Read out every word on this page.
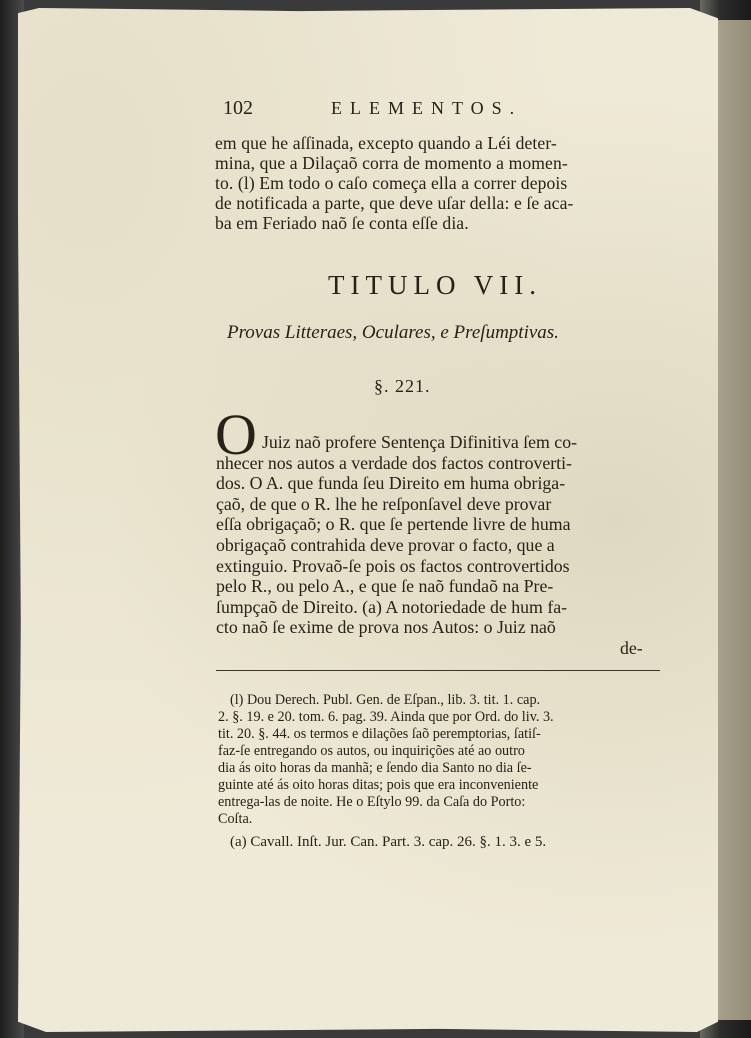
102	ELEMENTOS.
em que he aſſinada, excepto quando a Léi deter-
mina, que a Dilaçaõ corra de momento a momen-
to. (l) Em todo o caſo começa ella a correr depois
de notificada a parte, que deve uſar della: e ſe aca-
ba em Feriado naõ ſe conta eſſe dia.
TITULO VII.
Provas Litteraes, Oculares, e Preſumptivas.
§. 221.
O Juiz naõ profere Sentença Difinitiva ſem co-
nhecer nos autos a verdade dos factos controverti-
dos. O A. que funda ſeu Direito em huma obriga-
çaõ, de que o R. lhe he reſponſavel deve provar
eſſa obrigaçaõ; o R. que ſe pertende livre de huma
obrigaçaõ contrahida deve provar o facto, que a
extinguio. Provaõ-ſe pois os factos controvertidos
pelo R., ou pelo A., e que ſe naõ fundaõ na Pre-
ſumpçaõ de Direito. (a) A notoriedade de hum fa-
cto naõ ſe exime de prova nos Autos: o Juiz naõ
de-
(l) Dou Derech. Publ. Gen. de Eſpan., lib. 3. tit. 1. cap.
2. §. 19. e 20. tom. 6. pag. 39. Ainda que por Ord. do liv. 3.
tit. 20. §. 44. os termos e dilações ſaõ peremptorias, ſatiſ-
faz-ſe entregando os autos, ou inquirições até ao outro
dia ás oito horas da manhã; e ſendo dia Santo no dia ſe-
guinte até ás oito horas ditas; pois que era inconveniente
entrega-las de noite. He o Eſtylo 99. da Caſa do Porto:
Coſta.
(a) Cavall. Inſt. Jur. Can. Part. 3. cap. 26. §. 1. 3. e 5.
